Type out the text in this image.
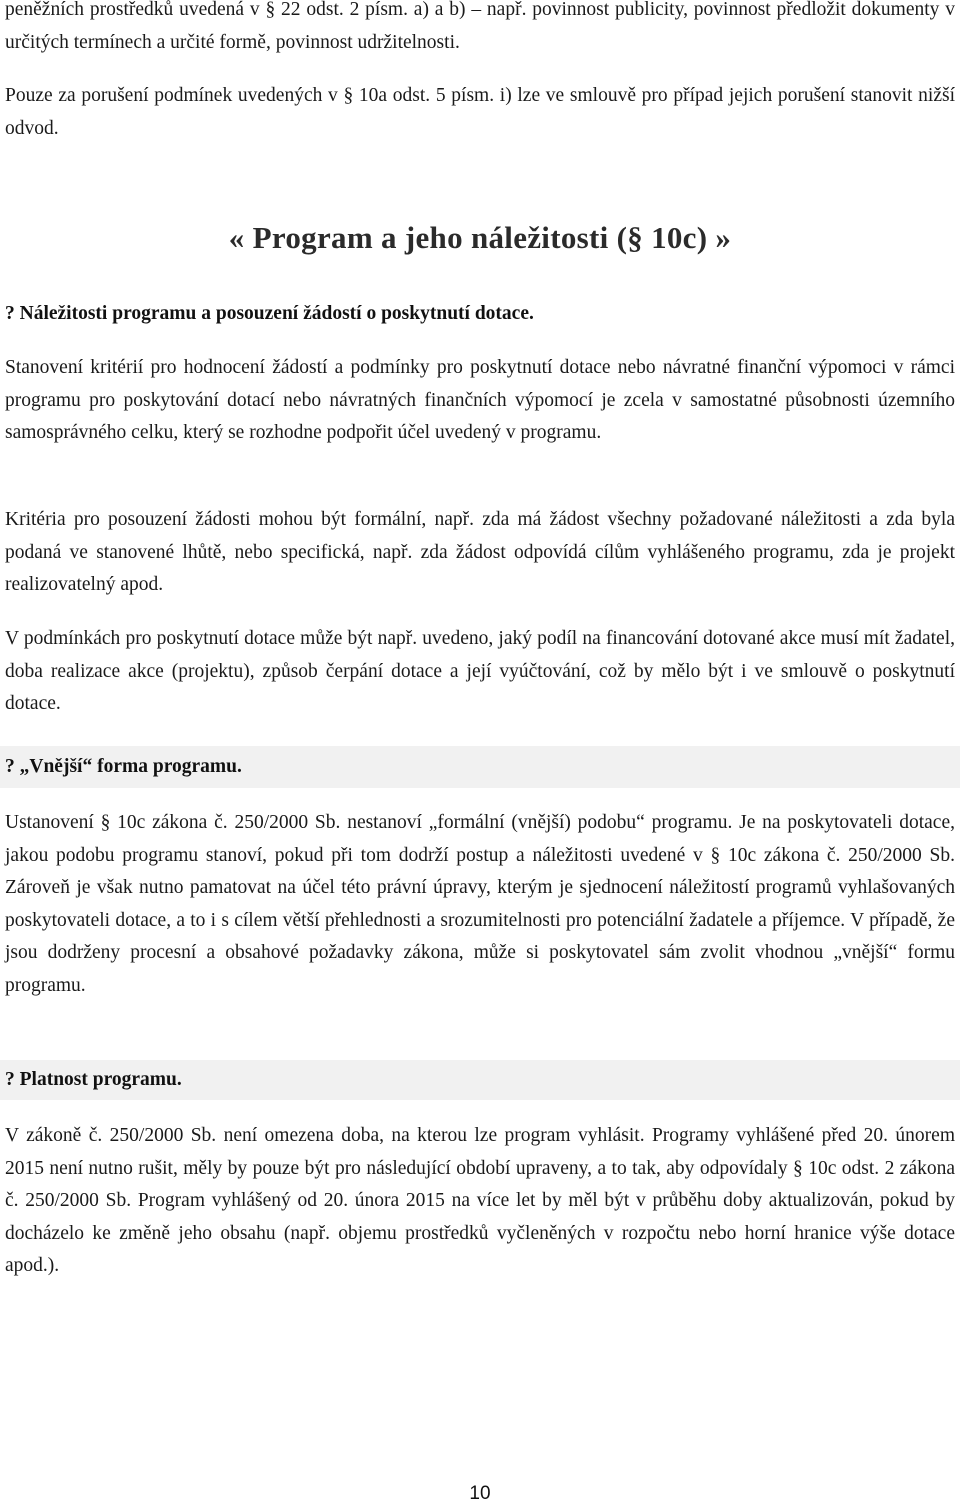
peněžních prostředků uvedená v § 22 odst. 2 písm. a) a b) – např. povinnost publicity, povinnost předložit dokumenty v určitých termínech a určité formě, povinnost udržitelnosti.

Pouze za porušení podmínek uvedených v § 10a odst. 5 písm. i) lze ve smlouvě pro případ jejich porušení stanovit nižší odvod.

« Program a jeho náležitosti (§ 10c) »
? Náležitosti programu a posouzení žádostí o poskytnutí dotace.

Stanovení kritérií pro hodnocení žádostí a podmínky pro poskytnutí dotace nebo návratné finanční výpomoci v rámci programu pro poskytování dotací nebo návratných finančních výpomocí je zcela v samostatné působnosti územního samosprávného celku, který se rozhodne podpořit účel uvedený v programu.

Kritéria pro posouzení žádosti mohou být formální, např. zda má žádost všechny požadované náležitosti a zda byla podaná ve stanovené lhůtě, nebo specifická, např. zda žádost odpovídá cílům vyhlášeného programu, zda je projekt realizovatelný apod.

V podmínkách pro poskytnutí dotace může být např. uvedeno, jaký podíl na financování dotované akce musí mít žadatel, doba realizace akce (projektu), způsob čerpání dotace a její vyúčtování, což by mělo být i ve smlouvě o poskytnutí dotace.

? „Vnější“ forma programu.

Ustanovení § 10c zákona č. 250/2000 Sb. nestanoví „formální (vnější) podobu“ programu. Je na poskytovateli dotace, jakou podobu programu stanoví, pokud při tom dodrží postup a náležitosti uvedené v § 10c zákona č. 250/2000 Sb. Zároveň je však nutno pamatovat na účel této právní úpravy, kterým je sjednocení náležitostí programů vyhlašovaných poskytovateli dotace, a to i s cílem větší přehlednosti a srozumitelnosti pro potenciální žadatele a příjemce. V případě, že jsou dodrženy procesní a obsahové požadavky zákona, může si poskytovatel sám zvolit vhodnou „vnější“ formu programu.

? Platnost programu.

V zákoně č. 250/2000 Sb. není omezena doba, na kterou lze program vyhlásit. Programy vyhlášené před 20. únorem 2015 není nutno rušit, měly by pouze být pro následující období upraveny, a to tak, aby odpovídaly § 10c odst. 2 zákona č. 250/2000 Sb. Program vyhlášený od 20. února 2015 na více let by měl být v průběhu doby aktualizován, pokud by docházelo ke změně jeho obsahu (např. objemu prostředků vyčleněných v rozpočtu nebo horní hranice výše dotace apod.).

10
